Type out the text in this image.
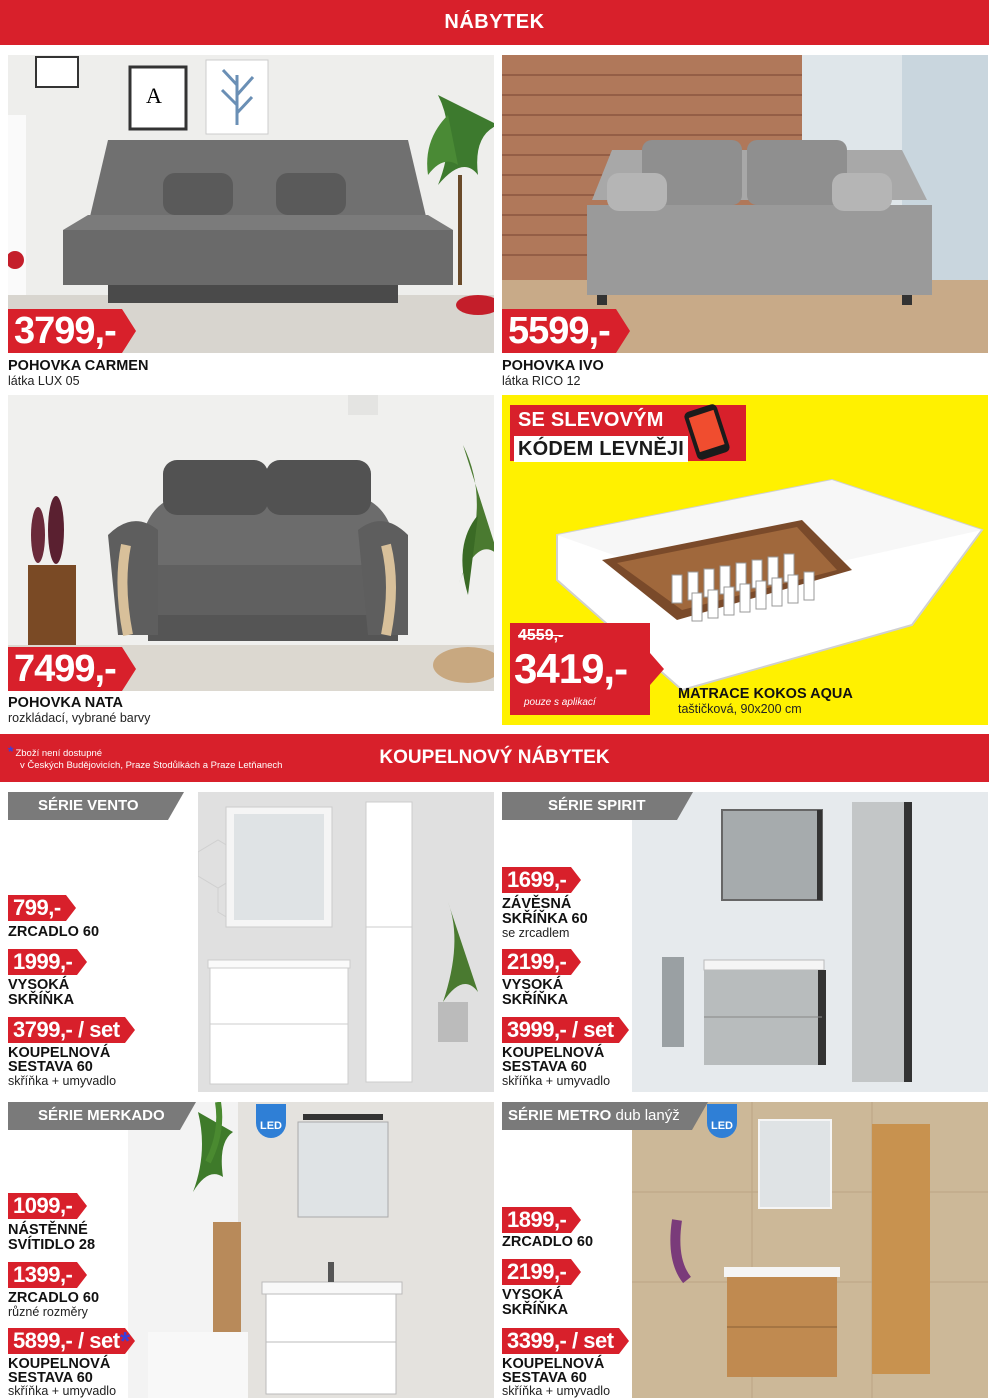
NÁBYTEK
A
3799,-
POHOVKA CARMEN
látka LUX 05
5599,-
POHOVKA IVO
látka RICO 12
7499,-
POHOVKA NATA
rozkládací, vybrané barvy
SE SLEVOVÝM
KÓDEM LEVNĚJI
4559,-
3419,-
pouze s aplikací
MATRACE KOKOS AQUA
taštičková, 90x200 cm
* Zboží není dostupné
v Českých Budějovicích, Praze Stodůlkách a Praze Letňanech	KOUPELNOVÝ NÁBYTEK
SÉRIE VENTO
799,-
ZRCADLO 60
1999,-
VYSOKÁ
SKŘÍŇKA
3799,- / set
KOUPELNOVÁ
SESTAVA 60
skříňka + umyvadlo
SÉRIE SPIRIT
1699,-
ZÁVĚSNÁ
SKŘÍŇKA 60
se zrcadlem
2199,-
VYSOKÁ
SKŘÍŇKA
3999,- / set
KOUPELNOVÁ
SESTAVA 60
skříňka + umyvadlo
LED
SÉRIE MERKADO
1099,-
NÁSTĚNNÉ
SVÍTIDLO 28
1399,-
ZRCADLO 60
různé rozměry
5899,- / set *
KOUPELNOVÁ
SESTAVA 60
skříňka + umyvadlo
LED
SÉRIE METRO dub lanýž
1899,-
ZRCADLO 60
2199,-
VYSOKÁ
SKŘÍŇKA
3399,- / set
KOUPELNOVÁ
SESTAVA 60
skříňka + umyvadlo
